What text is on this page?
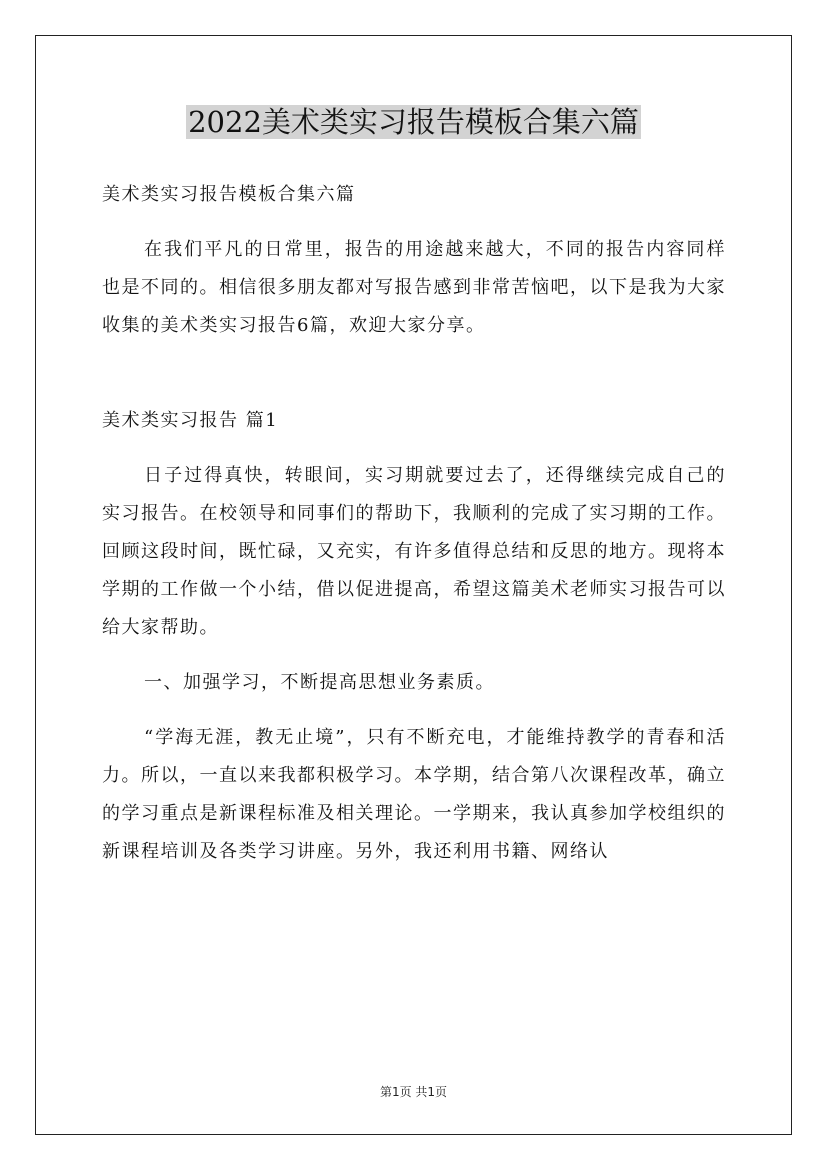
2022美术类实习报告模板合集六篇

美术类实习报告模板合集六篇

在我们平凡的日常里，报告的用途越来越大，不同的报告内容同样也是不同的。相信很多朋友都对写报告感到非常苦恼吧，以下是我为大家收集的美术类实习报告6篇，欢迎大家分享。

美术类实习报告 篇1

日子过得真快，转眼间，实习期就要过去了，还得继续完成自己的实习报告。在校领导和同事们的帮助下，我顺利的完成了实习期的工作。回顾这段时间，既忙碌，又充实，有许多值得总结和反思的地方。现将本学期的工作做一个小结，借以促进提高，希望这篇美术老师实习报告可以给大家帮助。

一、加强学习，不断提高思想业务素质。

“学海无涯，教无止境”，只有不断充电，才能维持教学的青春和活力。所以，一直以来我都积极学习。本学期，结合第八次课程改革，确立的学习重点是新课程标准及相关理论。一学期来，我认真参加学校组织的新课程培训及各类学习讲座。另外，我还利用书籍、网络认

第1页 共1页
